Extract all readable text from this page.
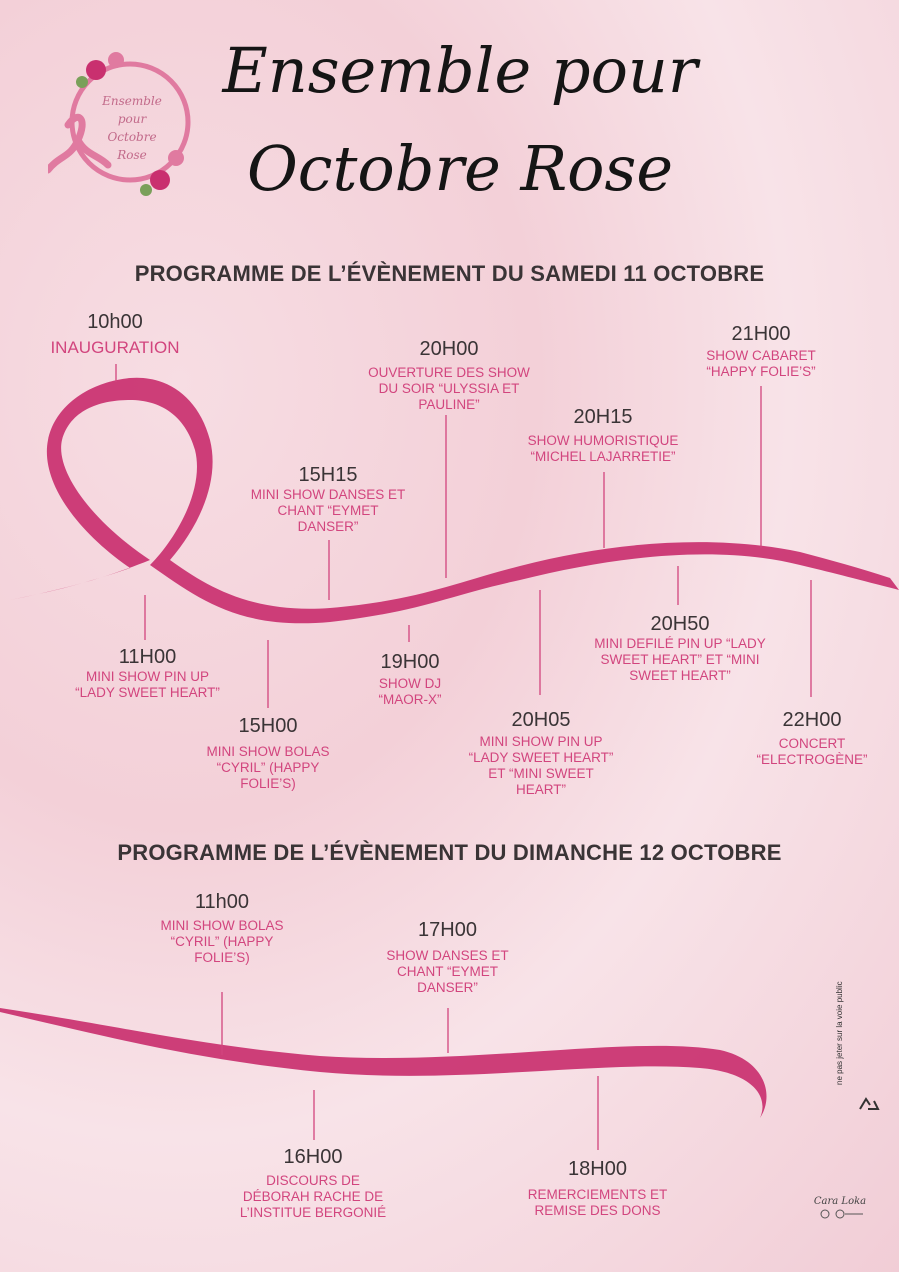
Ensemble pour
Octobre
Rose
Ensemble pour
Octobre Rose
PROGRAMME DE L’ÉVÈNEMENT DU SAMEDI 11 OCTOBRE
10h00
INAUGURATION
11H00
MINI SHOW PIN UP “LADY SWEET HEART”
15H00
MINI SHOW BOLAS “CYRIL” (HAPPY FOLIE’S)
15H15
MINI SHOW DANSES ET CHANT “EYMET DANSER”
19H00
SHOW DJ “MAOR-X”
20H00
OUVERTURE DES SHOW DU SOIR “ULYSSIA ET PAULINE”
20H05
MINI SHOW PIN UP “LADY SWEET HEART” ET “MINI SWEET HEART”
20H15
SHOW HUMORISTIQUE “MICHEL LAJARRETIE”
20H50
MINI DEFILÉ PIN UP “LADY SWEET HEART” ET “MINI SWEET HEART”
21H00
SHOW CABARET “HAPPY FOLIE’S”
22H00
CONCERT “ELECTROGÈNE”
PROGRAMME DE L’ÉVÈNEMENT DU DIMANCHE 12 OCTOBRE
11h00
MINI SHOW BOLAS “CYRIL” (HAPPY FOLIE’S)
16H00
DISCOURS DE DÉBORAH RACHE DE L’INSTITUE BERGONIÉ
17H00
SHOW DANSES ET CHANT “EYMET DANSER”
18H00
REMERCIEMENTS ET REMISE DES DONS
ne pas jeter sur la voie public
Cara Loka
